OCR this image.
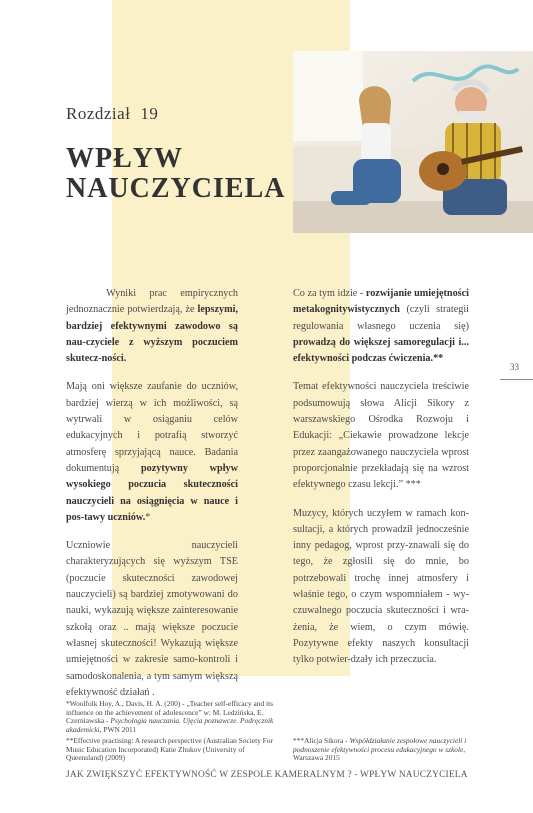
Rozdział 19
WPŁYW
NAUCZYCIELA

Wyniki prac empirycznych jednoznacznie potwierdzają, że lepszymi, bardziej efektywnymi zawodowo są nau-czyciele z wyższym poczuciem skutecz-ności.

Mają oni większe zaufanie do uczniów, bardziej wierzą w ich możliwości, są wytrwali w osiąganiu celów edukacyjnych i potrafią stworzyć atmosferę sprzyjającą nauce. Badania dokumentują pozytywny wpływ wysokiego poczucia skuteczności nauczycieli na osiągnięcia w nauce i pos-tawy uczniów.*

Uczniowie nauczycieli charakteryzujących się wyższym TSE (poczucie skuteczności zawodowej nauczycieli) są bardziej zmotywowani do nauki, wykazują większe zainteresowanie szkołą oraz .. mają większe poczucie własnej skuteczności! Wykazują większe umiejętności w zakresie samo-kontroli i samodoskonalenia, a tym samym większą efektywność działań .

Co za tym idzie - rozwijanie umiejętności metakognitywistycznych (czyli strategii regulowania własnego uczenia się) prowadzą do większej samoregulacji i... efektywności podczas ćwiczenia.**

Temat efektywności nauczyciela treściwie podsumowują słowa Alicji Sikory z warszawskiego Ośrodka Rozwoju i Edukacji: „Ciekawie prowadzone lekcje przez zaangażowanego nauczyciela wprost proporcjonalnie przekładają się na wzrost efektywnego czasu lekcji.” ***

Muzycy, których uczyłem w ramach kon-sultacji, a których prowadził jednocześnie inny pedagog, wprost przy-znawali się do tego, że zgłosili się do mnie, bo potrzebowali trochę innej atmosfery i właśnie tego, o czym wspomniałem - wy-czuwalnego poczucia skuteczności i wra-żenia, że wiem, o czym mówię. Pozytywne efekty naszych konsultacji tylko potwier-dzały ich przeczucia.

33
*Woolfolk Hoy, A., Davis, H. A. (200) - „Teacher self-efficacy and its influence on the achievement of adolescence” w: M. Ledzińska, E. Czerniawska - Psychologia nauczania. Ujęcia poznawcze. Podręcznik akademicki, PWN 2011
**Effective practising: A research perspective (Australian Society For Music Education Incorporated) Katie Zhukov (University of Queensland) (2009)
***Alicja Sikora - Współdziałanie zespołowe nauczycieli i podnoszenie efektywności procesu edukacyjnego w szkole, Warszawa 2015
JAK ZWIĘKSZYĆ EFEKTYWNOŚĆ W ZESPOLE KAMERALNYM ? - WPŁYW NAUCZYCIELA
